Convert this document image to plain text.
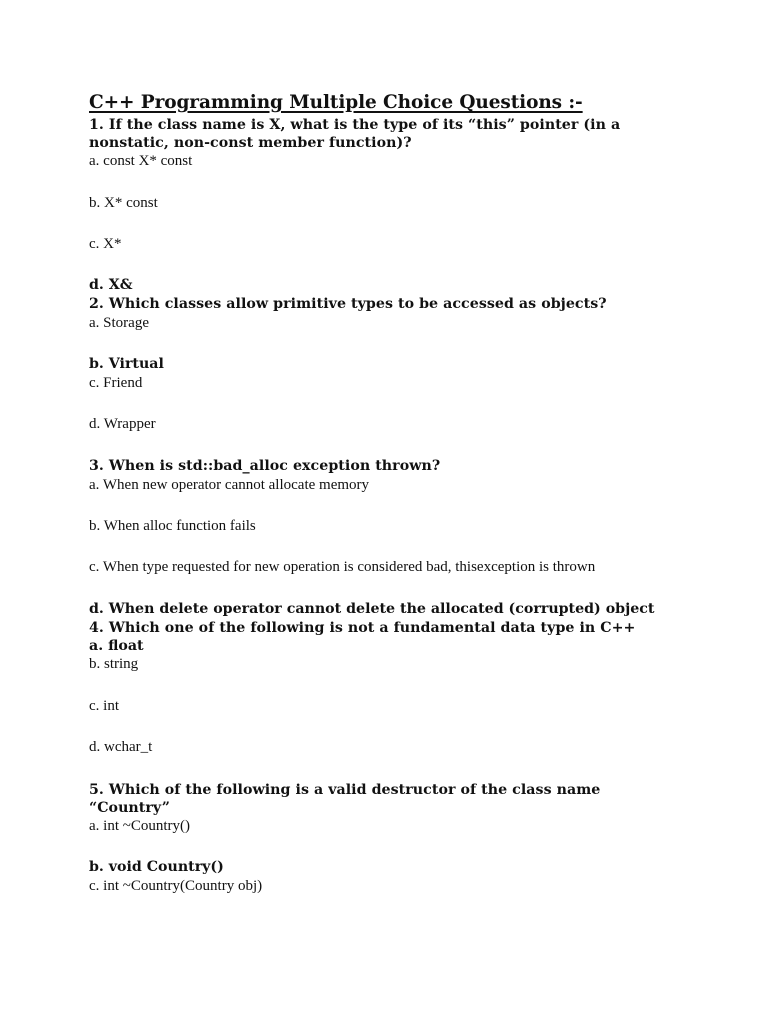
C++ Programming Multiple Choice Questions :-
1. If the class name is X, what is the type of its “this” pointer (in a
nonstatic, non-const member function)?
a. const X* const
b. X* const
c. X*
d. X&
2. Which classes allow primitive types to be accessed as objects?
a. Storage
b. Virtual
c. Friend
d. Wrapper
3. When is std::bad_alloc exception thrown?
a. When new operator cannot allocate memory
b. When alloc function fails
c. When type requested for new operation is considered bad, thisexception is thrown
d. When delete operator cannot delete the allocated (corrupted) object
4. Which one of the following is not a fundamental data type in C++
a. float
b. string
c. int
d. wchar_t
5. Which of the following is a valid destructor of the class name
“Country”
a. int ~Country()
b. void Country()
c. int ~Country(Country obj)
